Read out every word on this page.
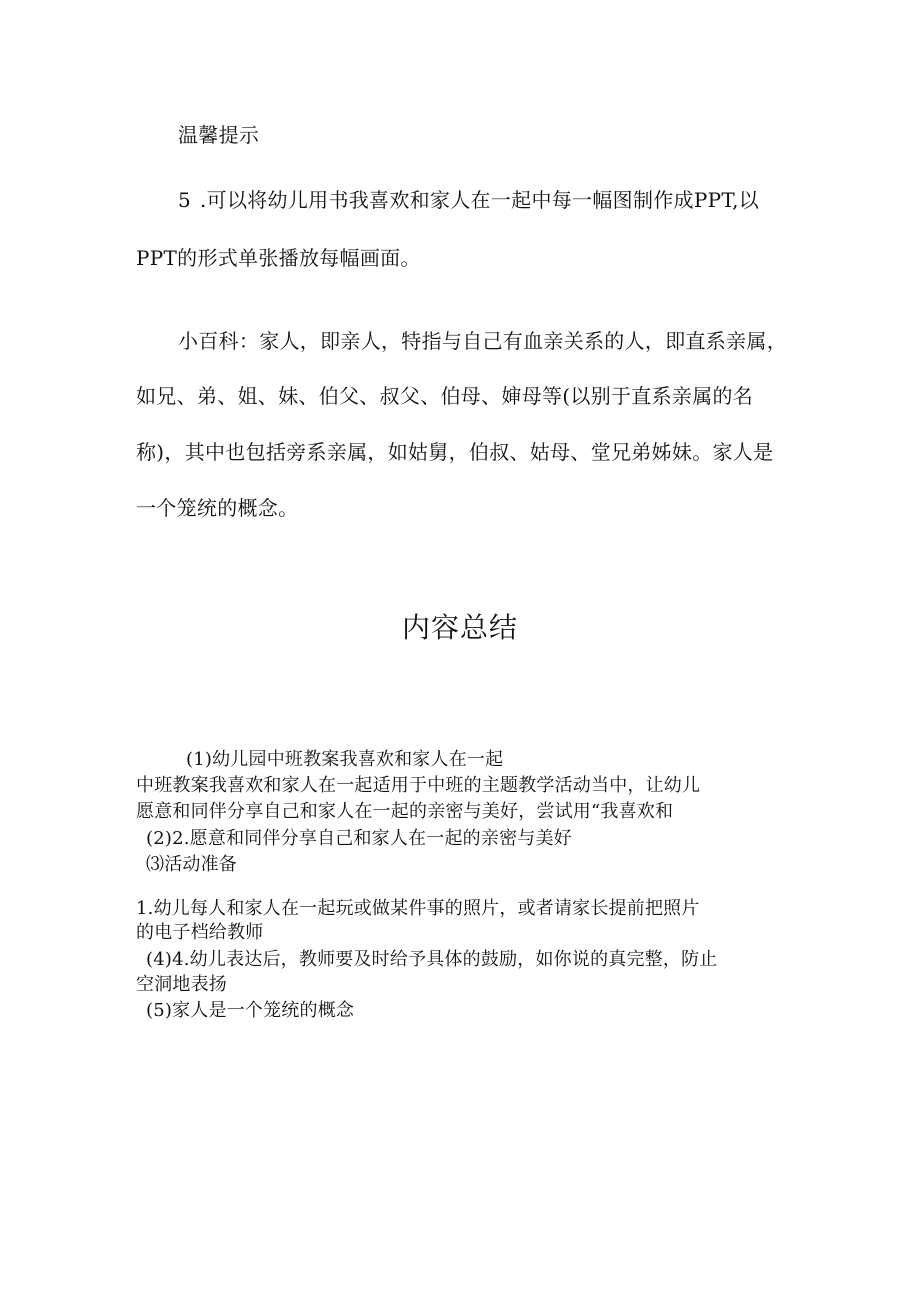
温馨提示
5 .可以将幼儿用书我喜欢和家人在一起中每一幅图制作成PPT,以
PPT的形式单张播放每幅画面。
小百科：家人，即亲人，特指与自己有血亲关系的人，即直系亲属，
如兄、弟、姐、妹、伯父、叔父、伯母、婶母等(以别于直系亲属的名
称)，其中也包括旁系亲属，如姑舅，伯叔、姑母、堂兄弟姊妹。家人是
一个笼统的概念。
内容总结
(1)幼儿园中班教案我喜欢和家人在一起
中班教案我喜欢和家人在一起适用于中班的主题教学活动当中，让幼儿
愿意和同伴分享自己和家人在一起的亲密与美好，尝试用“我喜欢和
(2)2.愿意和同伴分享自己和家人在一起的亲密与美好
⑶活动准备
1.幼儿每人和家人在一起玩或做某件事的照片，或者请家长提前把照片
的电子档给教师
(4)4.幼儿表达后，教师要及时给予具体的鼓励，如你说的真完整，防止
空洞地表扬
(5)家人是一个笼统的概念
